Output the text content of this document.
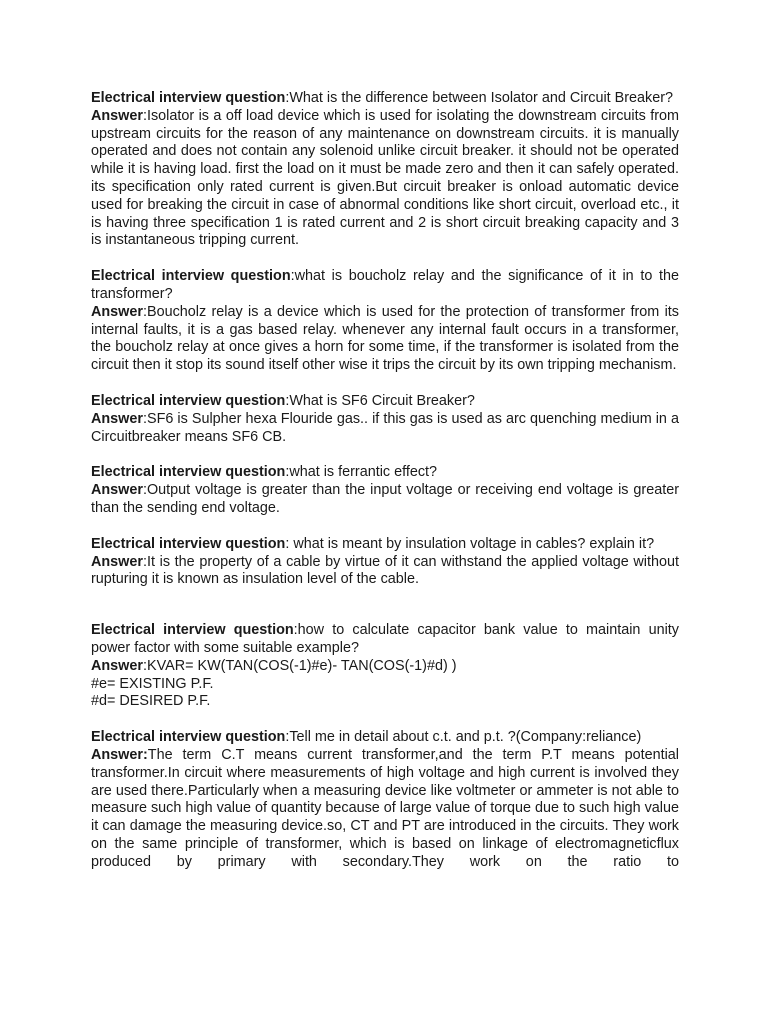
Electrical interview question:What is the difference between Isolator and Circuit Breaker?

Answer:Isolator is a off load device which is used for isolating the downstream circuits from upstream circuits for the reason of any maintenance on downstream circuits. it is manually operated and does not contain any solenoid unlike circuit breaker. it should not be operated while it is having load. first the load on it must be made zero and then it can safely operated. its specification only rated current is given.But circuit breaker is onload automatic device used for breaking the circuit in case of abnormal conditions like short circuit, overload etc., it is having three specification 1 is rated current and 2 is short circuit breaking capacity and 3 is instantaneous tripping current.

Electrical interview question:what is boucholz relay and the significance of it in to the transformer?

Answer:Boucholz relay is a device which is used for the protection of transformer from its internal faults, it is a gas based relay. whenever any internal fault occurs in a transformer, the boucholz relay at once gives a horn for some time, if the transformer is isolated from the circuit then it stop its sound itself other wise it trips the circuit by its own tripping mechanism.

Electrical interview question:What is SF6 Circuit Breaker?

Answer:SF6 is Sulpher hexa Flouride gas.. if this gas is used as arc quenching medium in a Circuitbreaker means SF6 CB.

Electrical interview question:what is ferrantic effect?

Answer:Output voltage is greater than the input voltage or receiving end voltage is greater than the sending end voltage.

Electrical interview question: what is meant by insulation voltage in cables? explain it?

Answer:It is the property of a cable by virtue of it can withstand the applied voltage without rupturing it is known as insulation level of the cable.

Electrical interview question:how to calculate capacitor bank value to maintain unity power factor with some suitable example?

Answer:KVAR= KW(TAN(COS(-1)#e)- TAN(COS(-1)#d) )

#e= EXISTING P.F.

#d= DESIRED P.F.

Electrical interview question:Tell me in detail about c.t. and p.t. ?(Company:reliance)

Answer:The term C.T means current transformer,and the term P.T means potential transformer.In circuit where measurements of high voltage and high current is involved they are used there.Particularly when a measuring device like voltmeter or ammeter is not able to measure such high value of quantity because of large value of torque due to such high value it can damage the measuring device.so, CT and PT are introduced in the circuits. They work on the same principle of transformer, which is based on linkage of electromagneticflux produced by primary with secondary.They work on the ratio to
